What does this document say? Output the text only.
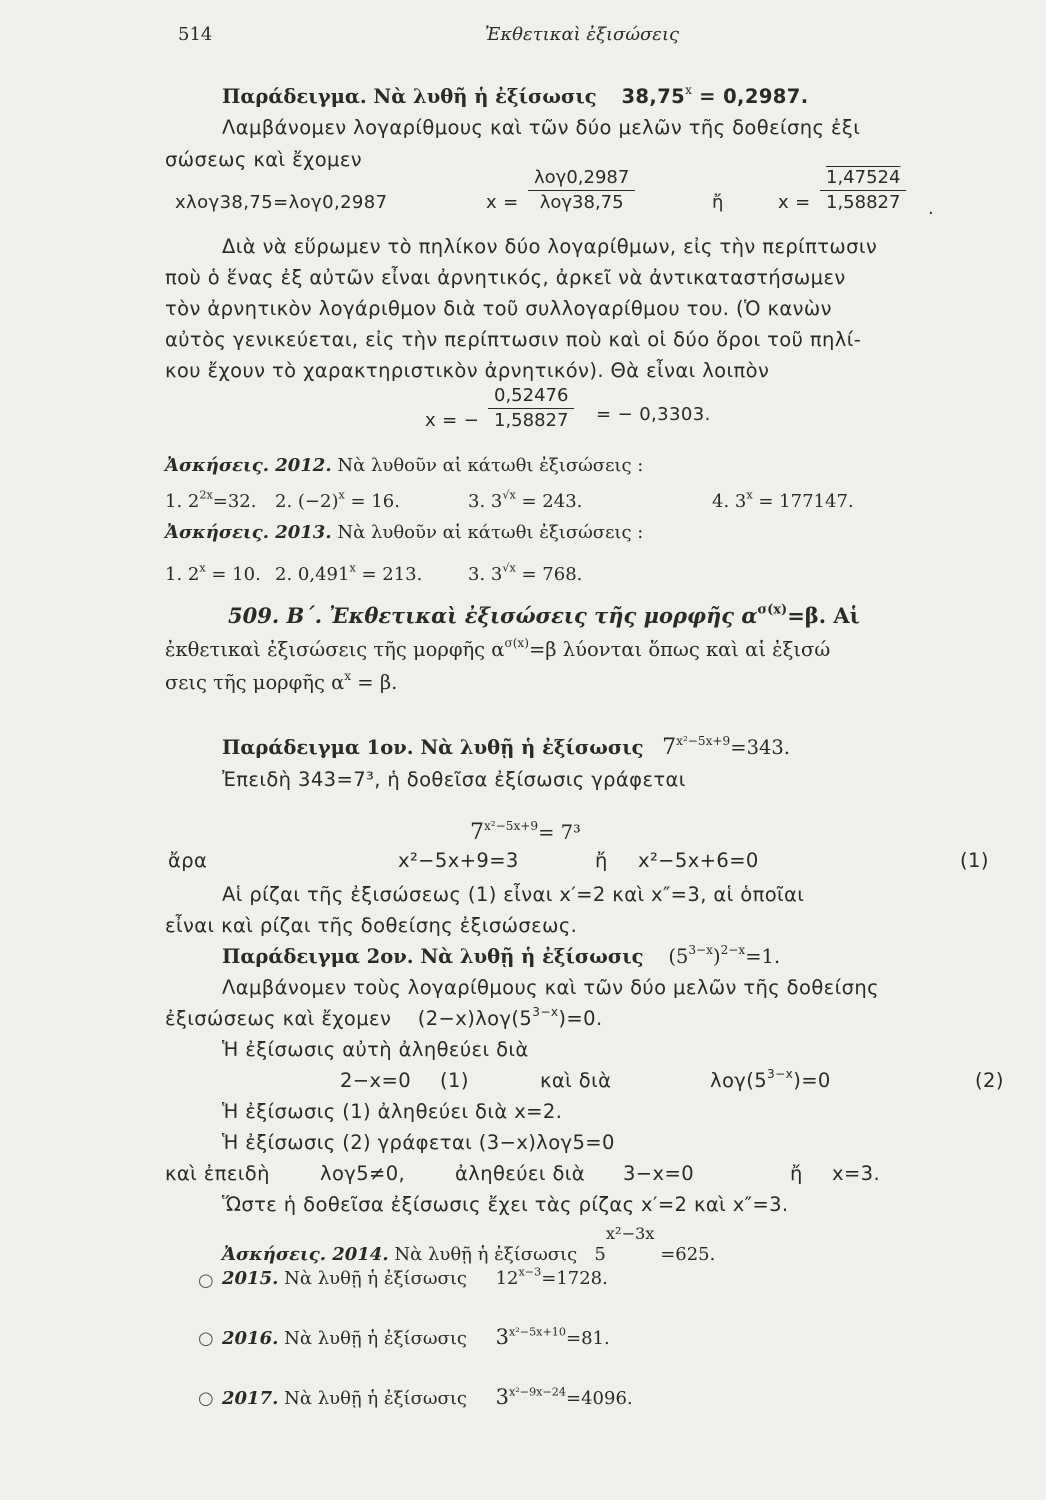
514	Ἐκθετικαὶ ἐξισώσεις
Παράδειγμα. Νὰ λυθῆ ἡ ἐξίσωσις $38,75^x = 0,2987$.
Λαμβάνομεν λογαρίθμους καὶ τῶν δύο μελῶν τῆς δοθείσης ἐξι
σώσεως καὶ ἔχομεν
xλογ38,75=λογ0,2987	x =
λογ0,2987
λογ38,75	ἤ	$x = \frac{1,47524}{1,58827}$ .
Διὰ νὰ εὕρωμεν τὸ πηλίκον δύο λογαρίθμων, εἰς τὴν περίπτωσιν
ποὺ ὁ ἕνας ἐξ αὐτῶν εἶναι ἀρνητικός, ἀρκεῖ νὰ ἀντικαταστήσωμεν
τὸν ἀρνητικὸν λογάριθμον διὰ τοῦ συλλογαρίθμου του. (Ὁ κανὼν
αὐτὸς γενικεύεται, εἰς τὴν περίπτωσιν ποὺ καὶ οἱ δύο ὅροι τοῦ πηλί-
κου ἔχουν τὸ χαρακτηριστικὸν ἀρνητικόν). Θὰ εἶναι λοιπὸν
x = − $\frac{0,52476}{1,58827}$ = − 0,3303.
Ἀσκήσεις. 2012. Νὰ λυθοῦν αἱ κάτωθι ἐξισώσεις :
1. $2^{2x}=32$. 2. $(-2)^x = 16$.	3. $3^{√x} = 243$.	4. $3^x = 177147$.
Ἀσκήσεις. 2013. Νὰ λυθοῦν αἱ κάτωθι ἐξισώσεις :
1. $2^x = 10$. 2. $0,491^x = 213$.	3. $3^{√x} = 768$.
509. Β΄. Ἐκθετικαὶ ἐξισώσεις τῆς μορφῆς $\alpha^{\sigma(x)}=\beta$. Αἱ
ἐκθετικαὶ ἐξισώσεις τῆς μορφῆς $\alpha^{\sigma(x)}=\beta$ λύονται ὅπως καὶ αἱ ἐξισώ
σεις τῆς μορφῆς $\alpha^x = \beta$.
Παράδειγμα 1ον. Νὰ λυθῇ ἡ ἐξίσωσις $7^{x^2-5x+9}=343$.
Ἐπειδὴ 343=7³, ἡ δοθεῖσα ἐξίσωσις γράφεται
$7^{x^2-5x+9}= 7^3$
ἄρα	x²−5x+9=3	ἤ x²−5x+6=0	(1)
Αἱ ρίζαι τῆς ἐξισώσεως (1) εἶναι x′=2 καὶ x″=3, αἱ ὁποῖαι
εἶναι καὶ ρίζαι τῆς δοθείσης ἐξισώσεως.
Παράδειγμα 2ον. Νὰ λυθῇ ἡ ἐξίσωσις $(5^{3-x})^{2-x}=1$.
Λαμβάνομεν τοὺς λογαρίθμους καὶ τῶν δύο μελῶν τῆς δοθείσης
ἐξισώσεως καὶ ἔχομεν $(2-x)\lambda o\gamma(5^{3-x})=0$.
Ἡ ἐξίσωσις αὐτὴ ἀληθεύει διὰ
2−x=0 (1)	καὶ διὰ	$\lambda o\gamma(5^{3-x})=0$	(2)
Ἡ ἐξίσωσις (1) ἀληθεύει διὰ x=2.
Ἡ ἐξίσωσις (2) γράφεται (3−x)λογ5=0
καὶ ἐπειδὴ	λογ5≠0,	ἀληθεύει διὰ 3−x=0	ἤ x=3.
Ὥστε ἡ δοθεῖσα ἐξίσωσις ἔχει τὰς ρίζας x′=2 καὶ x″=3.
Ἀσκήσεις. 2014. Νὰ λυθῇ ἡ ἐξίσωσις $5^{x^2-3x} =625$.
2015. Νὰ λυθῇ ἡ ἐξίσωσις $12^{x-3}=1728$.
2016. Νὰ λυθῇ ἡ ἐξίσωσις $3^{x^2-5x+10}=81$.
2017. Νὰ λυθῇ ἡ ἐξίσωσις $3^{x^2-9x-24}=4096$.
○
○
○
